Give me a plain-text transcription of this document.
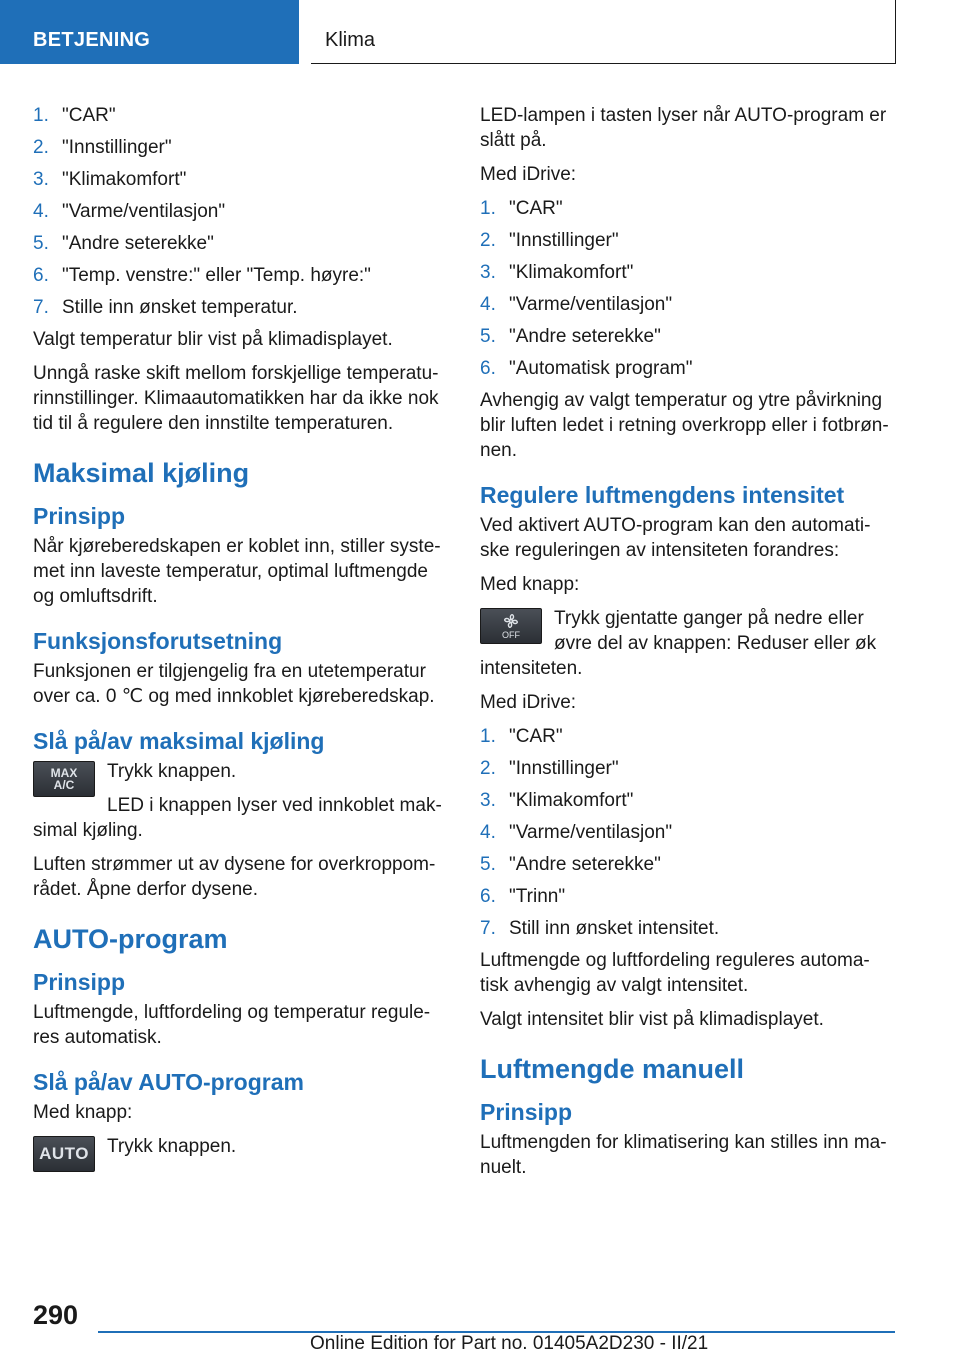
BETJENING	Klima
1. "CAR"
2. "Innstillinger"
3. "Klimakomfort"
4. "Varme/ventilasjon"
5. "Andre seterekke"
6. "Temp. venstre:" eller "Temp. høyre:"
7. Stille inn ønsket temperatur.

Valgt temperatur blir vist på klimadisplayet.

Unngå raske skift mellom forskjellige temperatu-rinnstillinger. Klimaautomatikken har da ikke nok tid til å regulere den innstilte temperaturen.

Maksimal kjøling
Prinsipp

Når kjøreberedskapen er koblet inn, stiller syste-met inn laveste temperatur, optimal luftmengde og omluftsdrift.

Funksjonsforutsetning

Funksjonen er tilgjengelig fra en utetemperatur over ca. 0 ℃ og med innkoblet kjøreberedskap.

Slå på/av maksimal kjøling
MAX
A/C

Trykk knappen.

LED i knappen lyser ved innkoblet mak-simal kjøling.

Luften strømmer ut av dysene for overkroppom-rådet. Åpne derfor dysene.

AUTO-program
Prinsipp

Luftmengde, luftfordeling og temperatur regule-res automatisk.

Slå på/av AUTO-program

Med knapp:

AUTO Trykk knappen.

LED-lampen i tasten lyser når AUTO-program er slått på.

Med iDrive:

1. "CAR"
2. "Innstillinger"
3. "Klimakomfort"
4. "Varme/ventilasjon"
5. "Andre seterekke"
6. "Automatisk program"

Avhengig av valgt temperatur og ytre påvirkning blir luften ledet i retning overkropp eller i fotbrøn-nen.

Regulere luftmengdens intensitet

Ved aktivert AUTO-program kan den automati-ske reguleringen av intensiteten forandres:

Med knapp:

OFF

Trykk gjentatte ganger på nedre eller øvre del av knappen: Reduser eller øk intensiteten.

Med iDrive:

1. "CAR"
2. "Innstillinger"
3. "Klimakomfort"
4. "Varme/ventilasjon"
5. "Andre seterekke"
6. "Trinn"
7. Still inn ønsket intensitet.

Luftmengde og luftfordeling reguleres automa-tisk avhengig av valgt intensitet.

Valgt intensitet blir vist på klimadisplayet.

Luftmengde manuell
Prinsipp

Luftmengden for klimatisering kan stilles inn ma-nuelt.

290
Online Edition for Part no. 01405A2D230 - II/21
